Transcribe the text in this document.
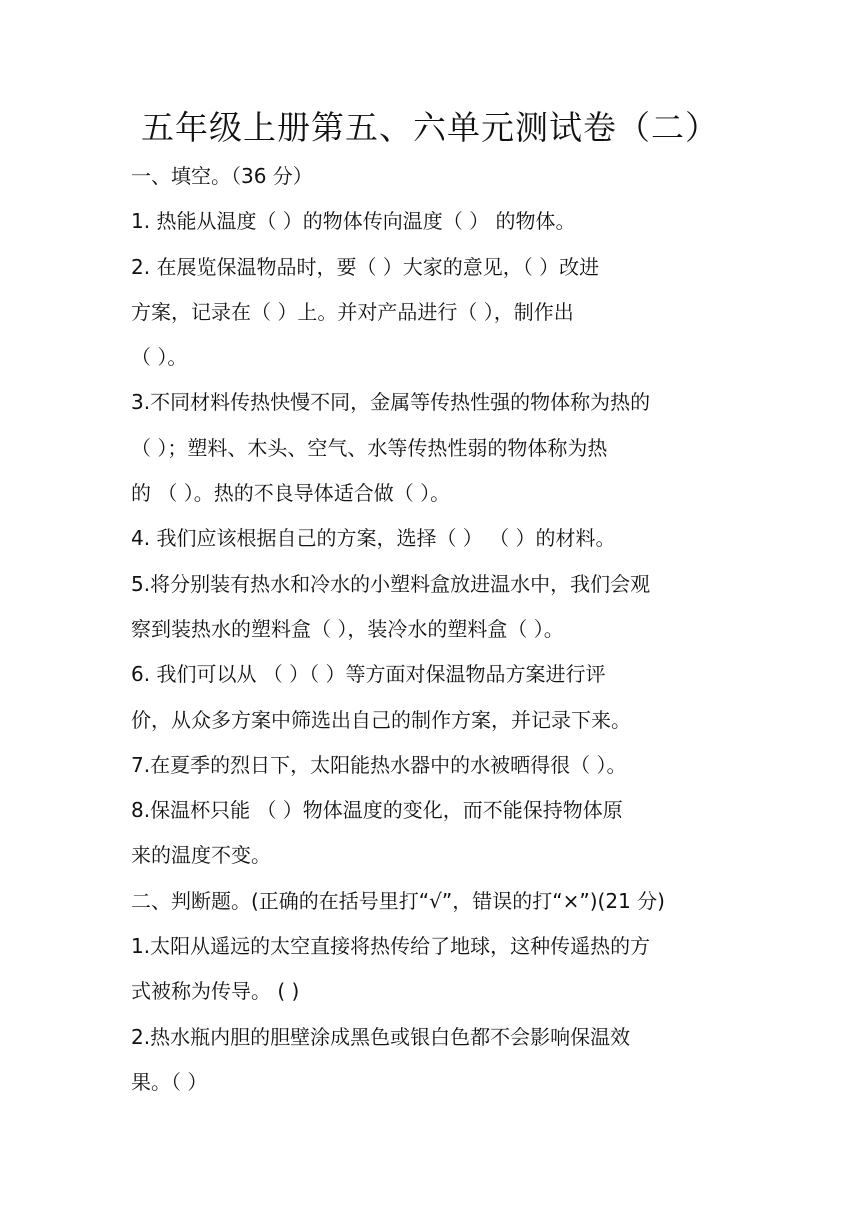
五年级上册第五、六单元测试卷（二）
一、填空。（36 分）
1. 热能从温度（ ）的物体传向温度（ ） 的物体。
2. 在展览保温物品时，要（ ）大家的意见，（ ）改进
方案，记录在（ ）上。并对产品进行（ ），制作出
（ ）。
3.不同材料传热快慢不同，金属等传热性强的物体称为热的
（ ）；塑料、木头、空气、水等传热性弱的物体称为热
的 （ ）。热的不良导体适合做（ ）。
4. 我们应该根据自己的方案，选择（ ） （ ）的材料。
5.将分别装有热水和冷水的小塑料盒放进温水中，我们会观
察到装热水的塑料盒（ ），装冷水的塑料盒（ ）。
6. 我们可以从 （ ）（ ）等方面对保温物品方案进行评
价，从众多方案中筛选出自己的制作方案，并记录下来。
7.在夏季的烈日下，太阳能热水器中的水被晒得很（ ）。
8.保温杯只能 （ ）物体温度的变化，而不能保持物体原
来的温度不变。
二、判断题。(正确的在括号里打“√”，错误的打“×”)(21 分)
1.太阳从遥远的太空直接将热传给了地球，这种传遥热的方
式被称为传导。 ( )
2.热水瓶内胆的胆壁涂成黑色或银白色都不会影响保温效
果。（ ）
